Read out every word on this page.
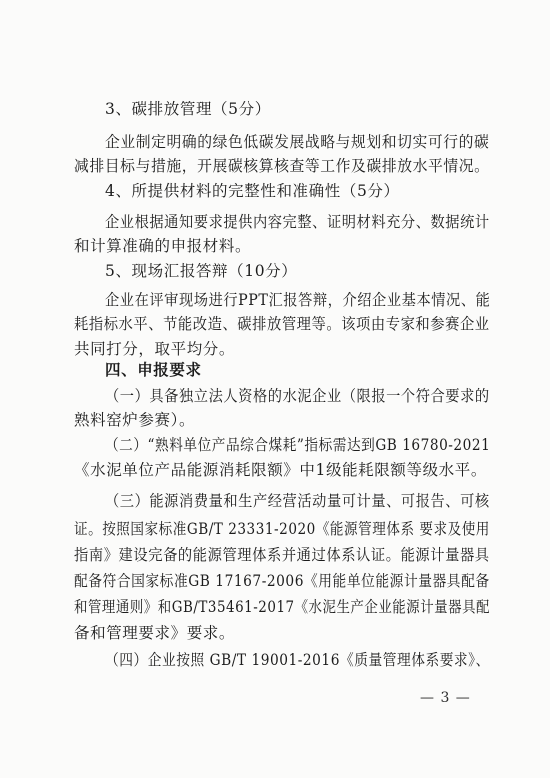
3、碳排放管理（5分）
企业制定明确的绿色低碳发展战略与规划和切实可行的碳
减排目标与措施，开展碳核算核查等工作及碳排放水平情况。
4、所提供材料的完整性和准确性（5分）
企业根据通知要求提供内容完整、证明材料充分、数据统计
和计算准确的申报材料。
5、现场汇报答辩（10分）
企业在评审现场进行PPT汇报答辩，介绍企业基本情况、能
耗指标水平、节能改造、碳排放管理等。该项由专家和参赛企业
共同打分，取平均分。
四、申报要求
（一）具备独立法人资格的水泥企业（限报一个符合要求的
熟料窑炉参赛）。
（二）“熟料单位产品综合煤耗”指标需达到GB 16780-2021
《水泥单位产品能源消耗限额》中1级能耗限额等级水平。
（三）能源消费量和生产经营活动量可计量、可报告、可核
证。按照国家标准GB/T 23331-2020《能源管理体系 要求及使用
指南》建设完备的能源管理体系并通过体系认证。能源计量器具
配备符合国家标准GB 17167-2006《用能单位能源计量器具配备
和管理通则》和GB/T35461-2017《水泥生产企业能源计量器具配
备和管理要求》要求。
（四）企业按照 GB/T 19001-2016《质量管理体系要求》、
— 3 —
